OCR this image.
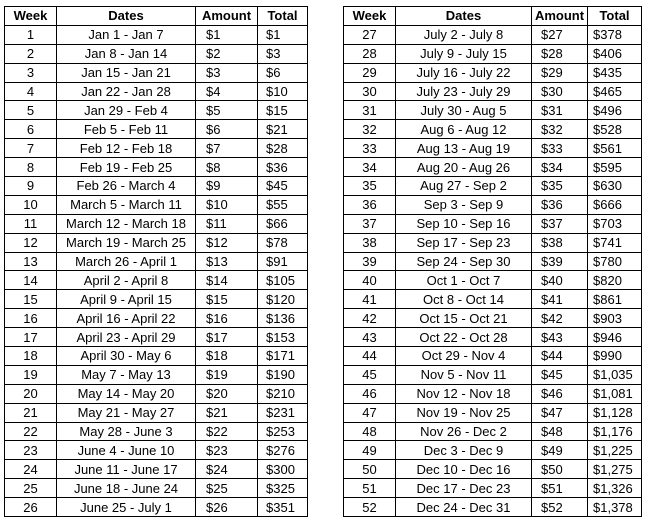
Week	Dates	Amount	Total
1	Jan 1 - Jan 7	$1	$1
2	Jan 8 - Jan 14	$2	$3
3	Jan 15 - Jan 21	$3	$6
4	Jan 22 - Jan 28	$4	$10
5	Jan 29 - Feb 4	$5	$15
6	Feb 5 - Feb 11	$6	$21
7	Feb 12 - Feb 18	$7	$28
8	Feb 19 - Feb 25	$8	$36
9	Feb 26 - March 4	$9	$45
10	March 5 - March 11	$10	$55
11	March 12 - March 18	$11	$66
12	March 19 - March 25	$12	$78
13	March 26 - April 1	$13	$91
14	April 2 - April 8	$14	$105
15	April 9 - April 15	$15	$120
16	April 16 - April 22	$16	$136
17	April 23 - April 29	$17	$153
18	April 30 - May 6	$18	$171
19	May 7 - May 13	$19	$190
20	May 14 - May 20	$20	$210
21	May 21 - May 27	$21	$231
22	May 28 - June 3	$22	$253
23	June 4 - June 10	$23	$276
24	June 11 - June 17	$24	$300
25	June 18 - June 24	$25	$325
26	June 25 - July 1	$26	$351
Week	Dates	Amount	Total
27	July 2 - July 8	$27	$378
28	July 9 - July 15	$28	$406
29	July 16 - July 22	$29	$435
30	July 23 - July 29	$30	$465
31	July 30 - Aug 5	$31	$496
32	Aug 6 - Aug 12	$32	$528
33	Aug 13 - Aug 19	$33	$561
34	Aug 20 - Aug 26	$34	$595
35	Aug 27 - Sep 2	$35	$630
36	Sep 3 - Sep 9	$36	$666
37	Sep 10 - Sep 16	$37	$703
38	Sep 17 - Sep 23	$38	$741
39	Sep 24 - Sep 30	$39	$780
40	Oct 1 - Oct 7	$40	$820
41	Oct 8 - Oct 14	$41	$861
42	Oct 15 - Oct 21	$42	$903
43	Oct 22 - Oct 28	$43	$946
44	Oct 29 - Nov 4	$44	$990
45	Nov 5 - Nov 11	$45	$1,035
46	Nov 12 - Nov 18	$46	$1,081
47	Nov 19 - Nov 25	$47	$1,128
48	Nov 26 - Dec 2	$48	$1,176
49	Dec 3 - Dec 9	$49	$1,225
50	Dec 10 - Dec 16	$50	$1,275
51	Dec 17 - Dec 23	$51	$1,326
52	Dec 24 - Dec 31	$52	$1,378
